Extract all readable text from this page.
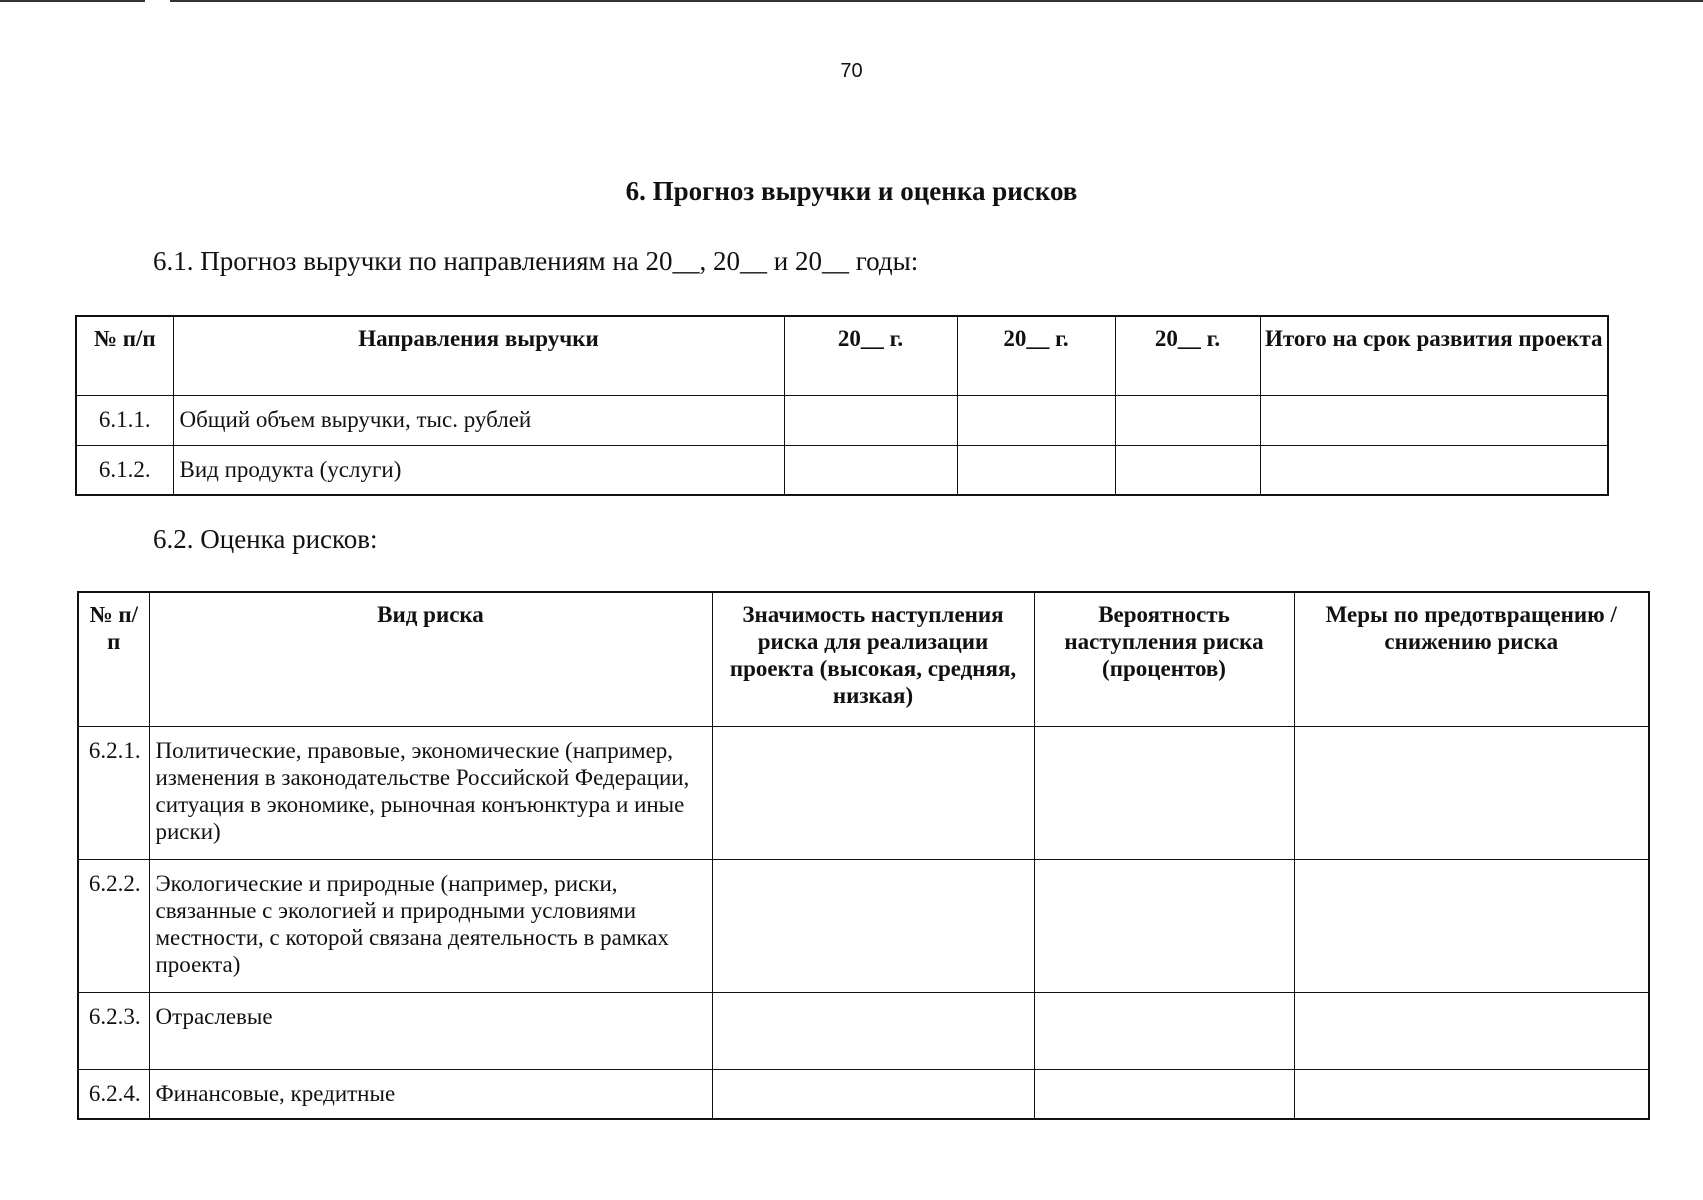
70
6. Прогноз выручки и оценка рисков
6.1. Прогноз выручки по направлениям на 20__, 20__ и 20__ годы:
№ п/п	Направления выручки	20__ г.	20__ г.	20__ г.	Итого на срок развития проекта
6.1.1.	Общий объем выручки, тыс. рублей				
6.1.2.	Вид продукта (услуги)				
6.2. Оценка рисков:
№ п/п	Вид риска	Значимость наступления риска для реализации проекта (высокая, средняя, низкая)	Вероятность наступления риска (процентов)	Меры по предотвращению / снижению риска
6.2.1.	Политические, правовые, экономические (например, изменения в законодательстве Российской Федерации, ситуация в экономике, рыночная конъюнктура и иные риски)			
6.2.2.	Экологические и природные (например, риски, связанные с экологией и природными условиями местности, с которой связана деятельность в рамках проекта)			
6.2.3.	Отраслевые			
6.2.4.	Финансовые, кредитные			
